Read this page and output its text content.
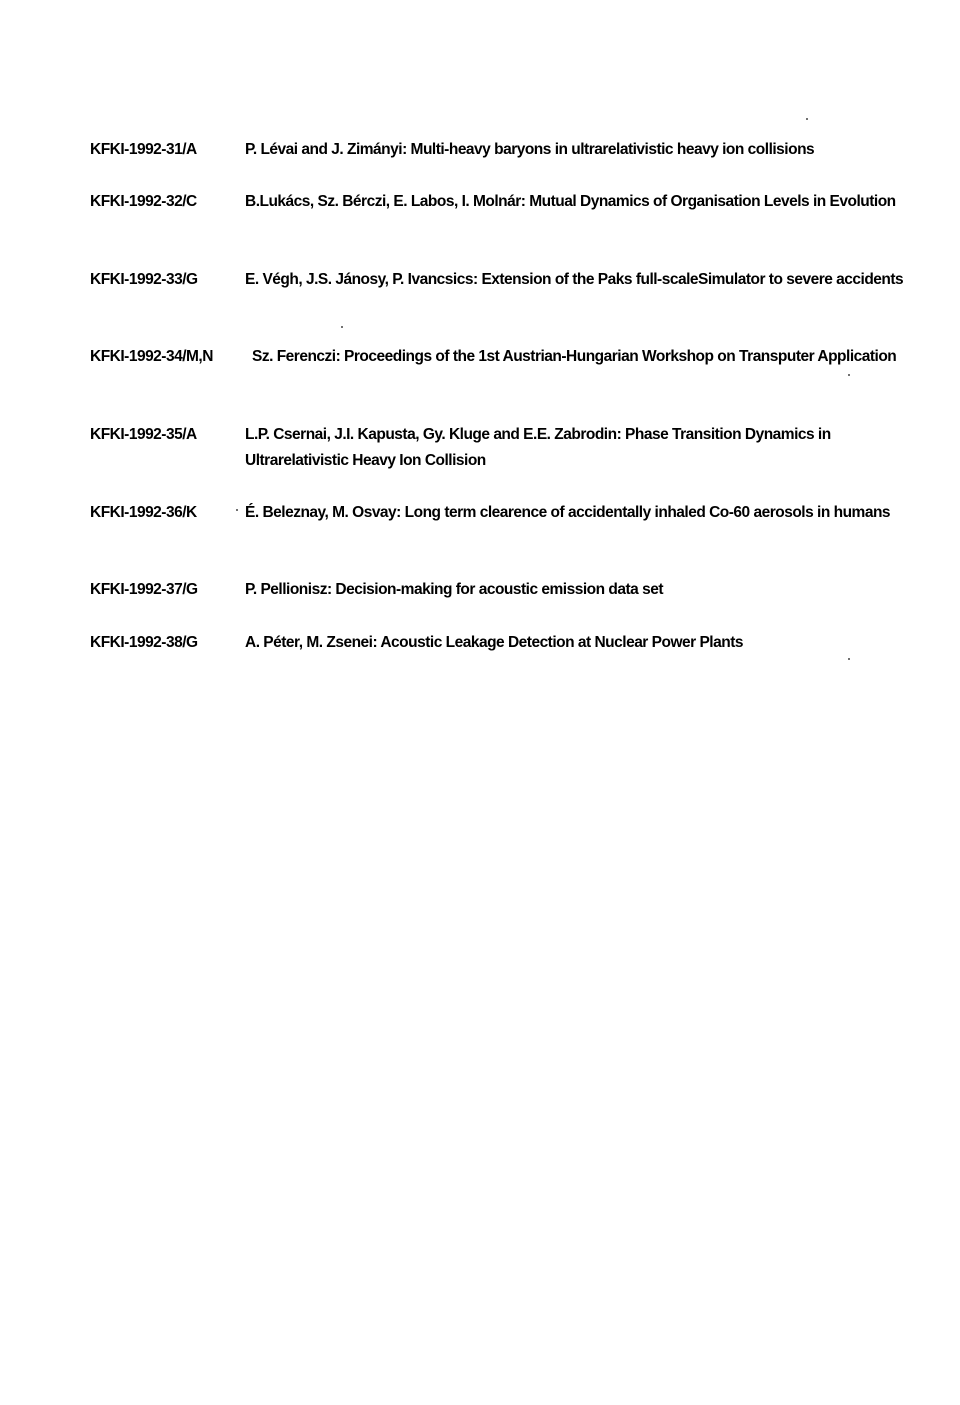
KFKI-1992-31/A	P. Lévai and J. Zimányi: Multi-heavy baryons in ultrarelativistic heavy ion collisions
KFKI-1992-32/C	B.Lukács, Sz. Bérczi, E. Labos, I. Molnár: Mutual Dynamics of Organisation Levels in Evolution
KFKI-1992-33/G	E. Végh, J.S. Jánosy, P. Ivancsics: Extension of the Paks full-scaleSimulator to severe accidents
KFKI-1992-34/M,N	Sz. Ferenczi: Proceedings of the 1st Austrian-Hungarian Workshop on Transputer Application
KFKI-1992-35/A	L.P. Csernai, J.I. Kapusta, Gy. Kluge and E.E. Zabrodin: Phase Transition Dynamics in Ultrarelativistic Heavy Ion Collision
KFKI-1992-36/K	É. Beleznay, M. Osvay: Long term clearence of accidentally inhaled Co-60 aerosols in humans
KFKI-1992-37/G	P. Pellionisz: Decision-making for acoustic emission data set
KFKI-1992-38/G	A. Péter, M. Zsenei: Acoustic Leakage Detection at Nuclear Power Plants
